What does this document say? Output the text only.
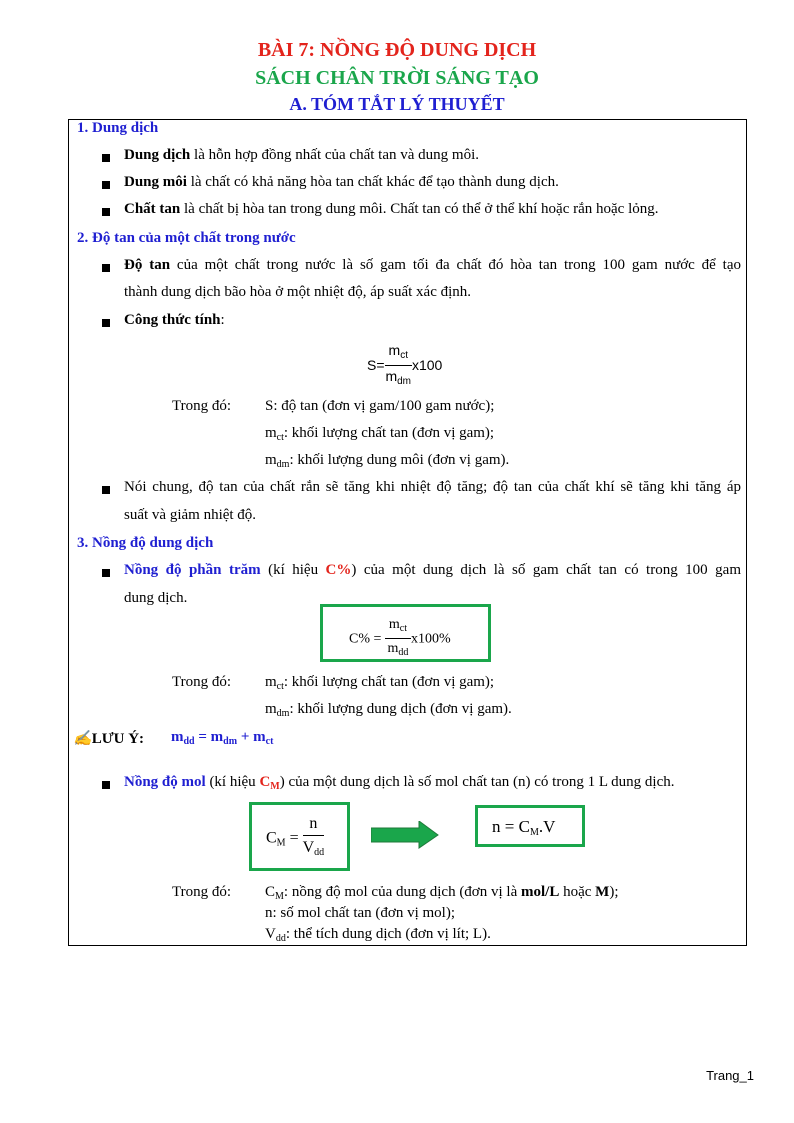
BÀI 7: NỒNG ĐỘ DUNG DỊCH
SÁCH CHÂN TRỜI SÁNG TẠO
A. TÓM TẮT LÝ THUYẾT
1. Dung dịch
Dung dịch là hỗn hợp đồng nhất của chất tan và dung môi.
Dung môi là chất có khả năng hòa tan chất khác để tạo thành dung dịch.
Chất tan là chất bị hòa tan trong dung môi. Chất tan có thể ở thể khí hoặc rắn hoặc lỏng.
2. Độ tan của một chất trong nước
Độ tan của một chất trong nước là số gam tối đa chất đó hòa tan trong 100 gam nước để tạo
thành dung dịch bão hòa ở một nhiệt độ, áp suất xác định.
Công thức tính:
$S= \frac{m_{ct}}{m_{dm}} x100$
Trong đó: S: độ tan (đơn vị gam/100 gam nước);
$m_{ct}$: khối lượng chất tan (đơn vị gam);
$m_{dm}$: khối lượng dung môi (đơn vị gam).
Nói chung, độ tan của chất rắn sẽ tăng khi nhiệt độ tăng; độ tan của chất khí sẽ tăng khi tăng áp
suất và giảm nhiệt độ.
3. Nồng độ dung dịch
Nồng độ phần trăm (kí hiệu C%) của một dung dịch là số gam chất tan có trong 100 gam
dung dịch.
$C\% = \frac{m_{ct}}{m_{dd}} x100\%$
Trong đó: $m_{ct}$: khối lượng chất tan (đơn vị gam);
$m_{dm}$: khối lượng dung dịch (đơn vị gam).
✍LƯU Ý: $m_{dd} = m_{dm} + m_{ct}$
Nồng độ mol (kí hiệu $C_M$) của một dung dịch là số mol chất tan (n) có trong 1 L dung dịch.
$C_M = \frac{n}{V_{dd}}$	$n = C_M.V$
Trong đó: $C_M$: nồng độ mol của dung dịch (đơn vị là mol/L hoặc M);
n: số mol chất tan (đơn vị mol);
$V_{dd}$: thể tích dung dịch (đơn vị lít; L).
Trang_1
